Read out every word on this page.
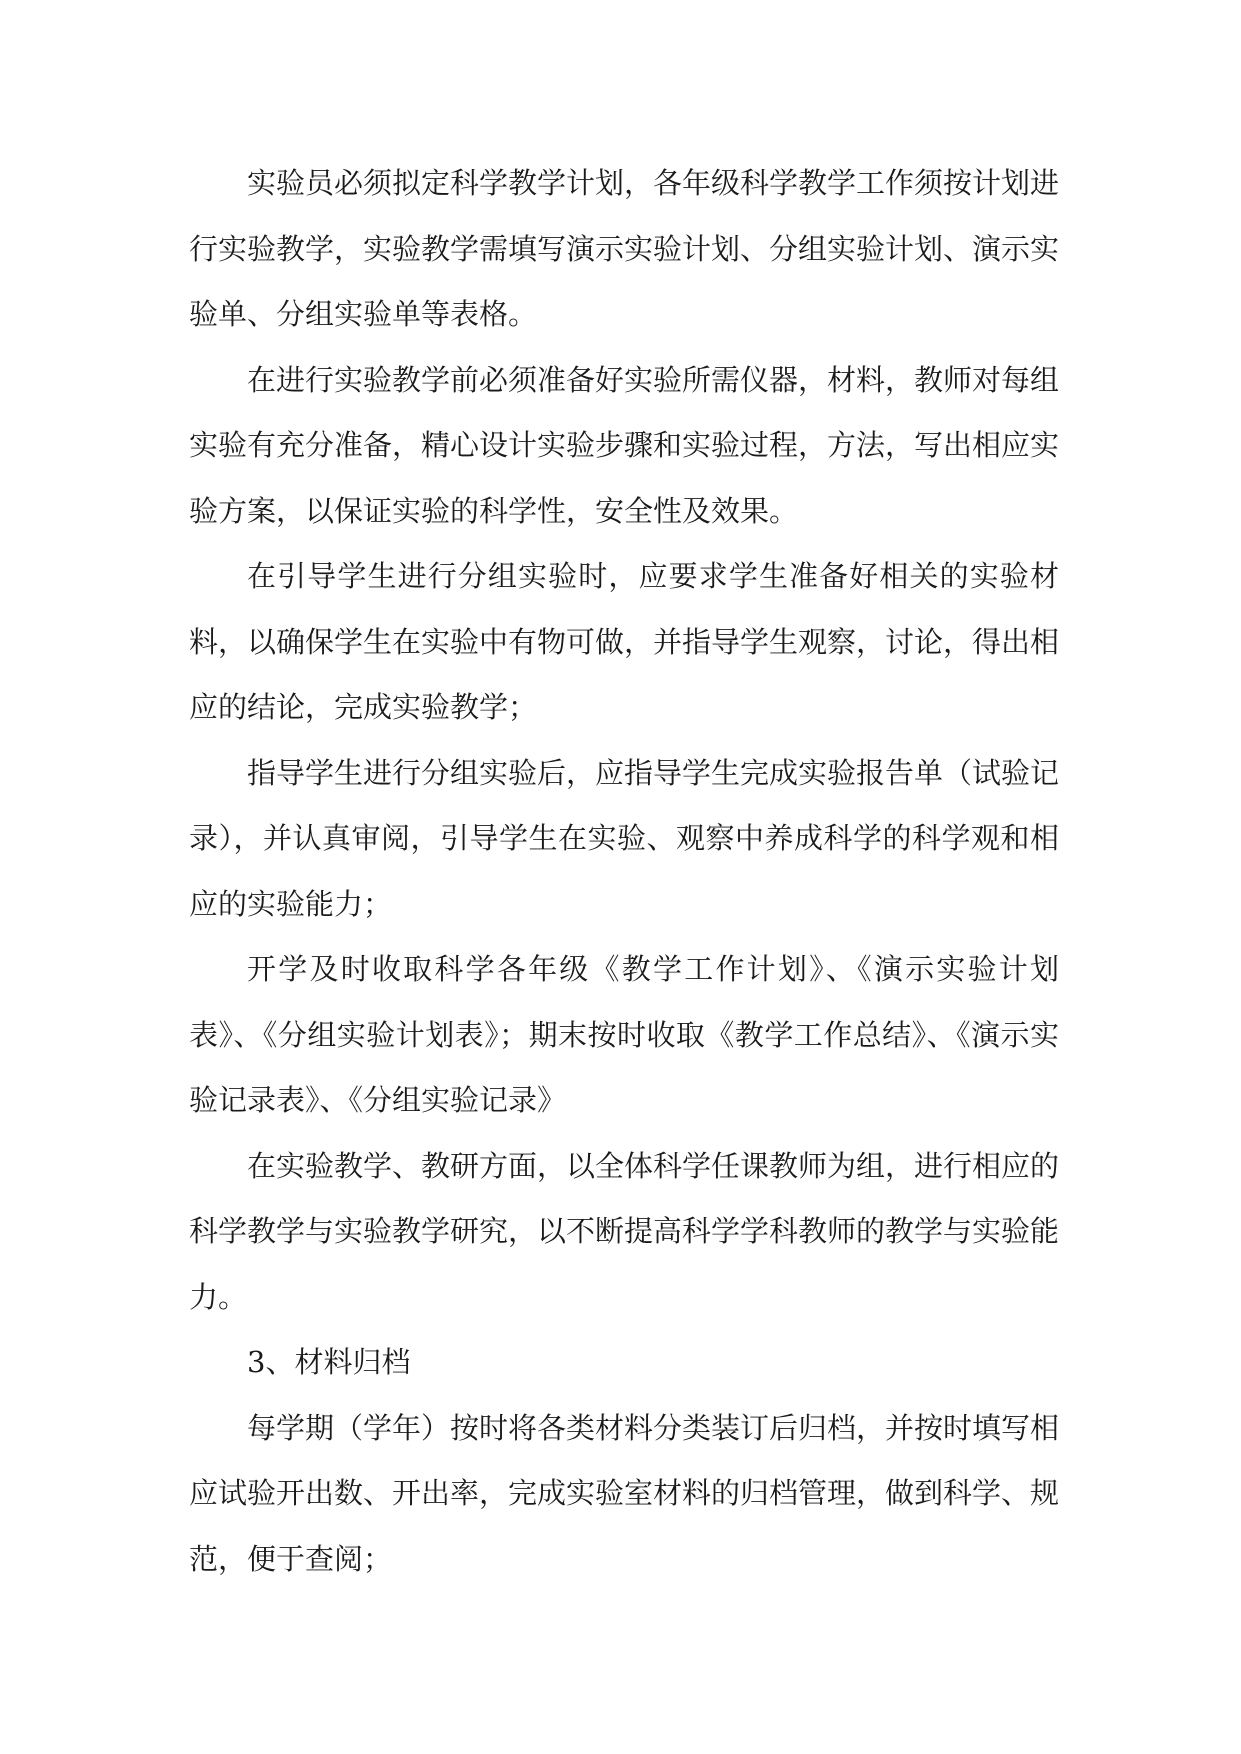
实验员必须拟定科学教学计划，各年级科学教学工作须按计划进行实验教学，实验教学需填写演示实验计划、分组实验计划、演示实验单、分组实验单等表格。

在进行实验教学前必须准备好实验所需仪器，材料，教师对每组实验有充分准备，精心设计实验步骤和实验过程，方法，写出相应实验方案，以保证实验的科学性，安全性及效果。

在引导学生进行分组实验时，应要求学生准备好相关的实验材料，以确保学生在实验中有物可做，并指导学生观察，讨论，得出相应的结论，完成实验教学；

指导学生进行分组实验后，应指导学生完成实验报告单（试验记录），并认真审阅，引导学生在实验、观察中养成科学的科学观和相应的实验能力；

开学及时收取科学各年级《教学工作计划》、《演示实验计划表》、《分组实验计划表》；期末按时收取《教学工作总结》、《演示实验记录表》、《分组实验记录》

在实验教学、教研方面，以全体科学任课教师为组，进行相应的科学教学与实验教学研究，以不断提高科学学科教师的教学与实验能力。

3、材料归档

每学期（学年）按时将各类材料分类装订后归档，并按时填写相应试验开出数、开出率，完成实验室材料的归档管理，做到科学、规范，便于查阅；
